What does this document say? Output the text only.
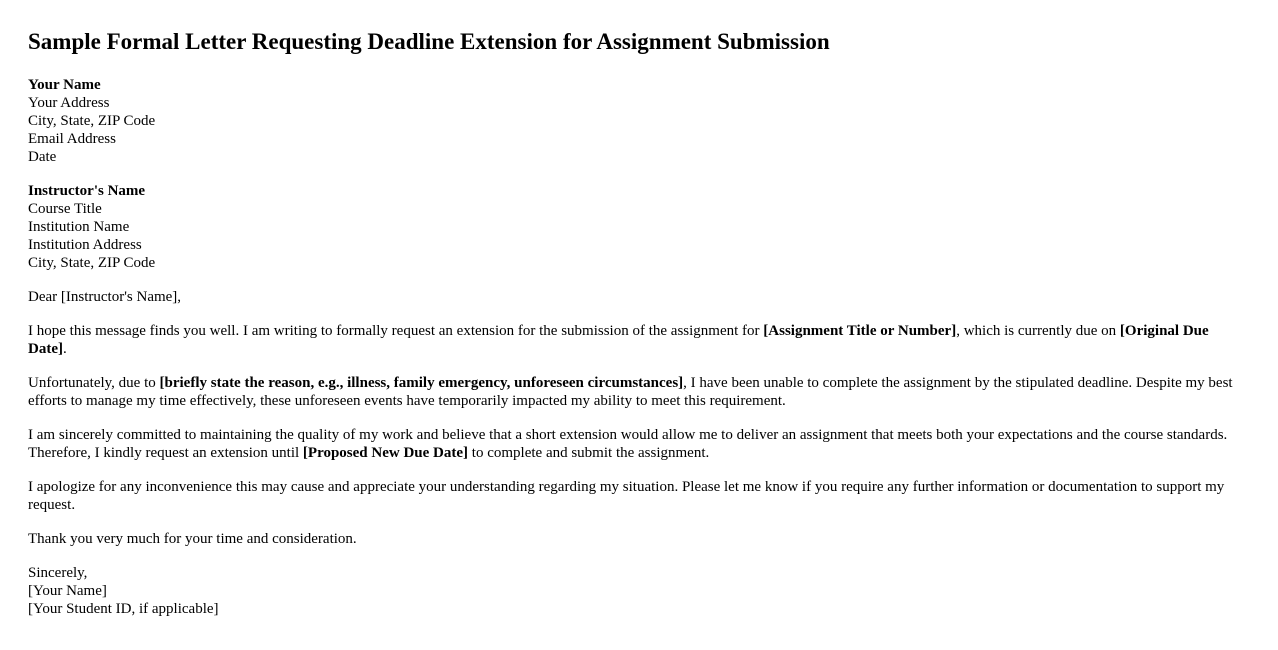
Sample Formal Letter Requesting Deadline Extension for Assignment Submission
Your Name
Your Address
City, State, ZIP Code
Email Address
Date
Instructor's Name
Course Title
Institution Name
Institution Address
City, State, ZIP Code

Dear [Instructor's Name],

I hope this message finds you well. I am writing to formally request an extension for the submission of the assignment for [Assignment Title or Number], which is currently due on [Original Due Date].

Unfortunately, due to [briefly state the reason, e.g., illness, family emergency, unforeseen circumstances], I have been unable to complete the assignment by the stipulated deadline. Despite my best efforts to manage my time effectively, these unforeseen events have temporarily impacted my ability to meet this requirement.

I am sincerely committed to maintaining the quality of my work and believe that a short extension would allow me to deliver an assignment that meets both your expectations and the course standards. Therefore, I kindly request an extension until [Proposed New Due Date] to complete and submit the assignment.

I apologize for any inconvenience this may cause and appreciate your understanding regarding my situation. Please let me know if you require any further information or documentation to support my request.

Thank you very much for your time and consideration.

Sincerely,
[Your Name]
[Your Student ID, if applicable]
